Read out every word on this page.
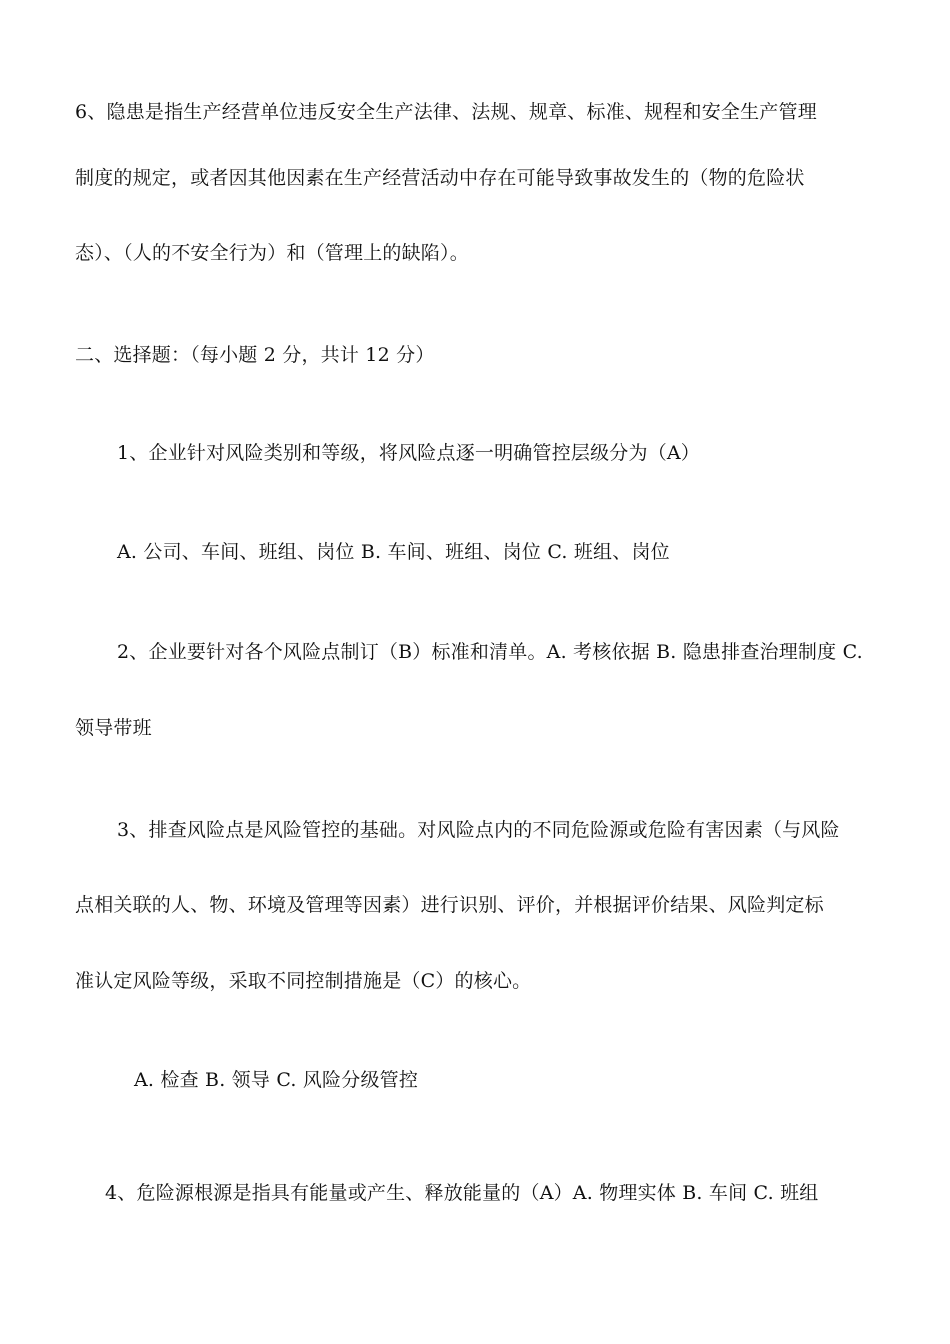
6、隐患是指生产经营单位违反安全生产法律、法规、规章、标准、规程和安全生产管理
制度的规定，或者因其他因素在生产经营活动中存在可能导致事故发生的（物的危险状
态）、（人的不安全行为）和（管理上的缺陷）。
二、选择题：（每小题 2 分，共计 12 分）
1、企业针对风险类别和等级，将风险点逐一明确管控层级分为（A）
A. 公司、车间、班组、岗位 B. 车间、班组、岗位 C. 班组、岗位
2、企业要针对各个风险点制订（B）标准和清单。A. 考核依据 B. 隐患排查治理制度 C.
领导带班
3、排查风险点是风险管控的基础。对风险点内的不同危险源或危险有害因素（与风险
点相关联的人、物、环境及管理等因素）进行识别、评价，并根据评价结果、风险判定标
准认定风险等级，采取不同控制措施是（C）的核心。
A. 检查 B. 领导 C. 风险分级管控
4、危险源根源是指具有能量或产生、释放能量的（A）A. 物理实体 B. 车间 C. 班组
